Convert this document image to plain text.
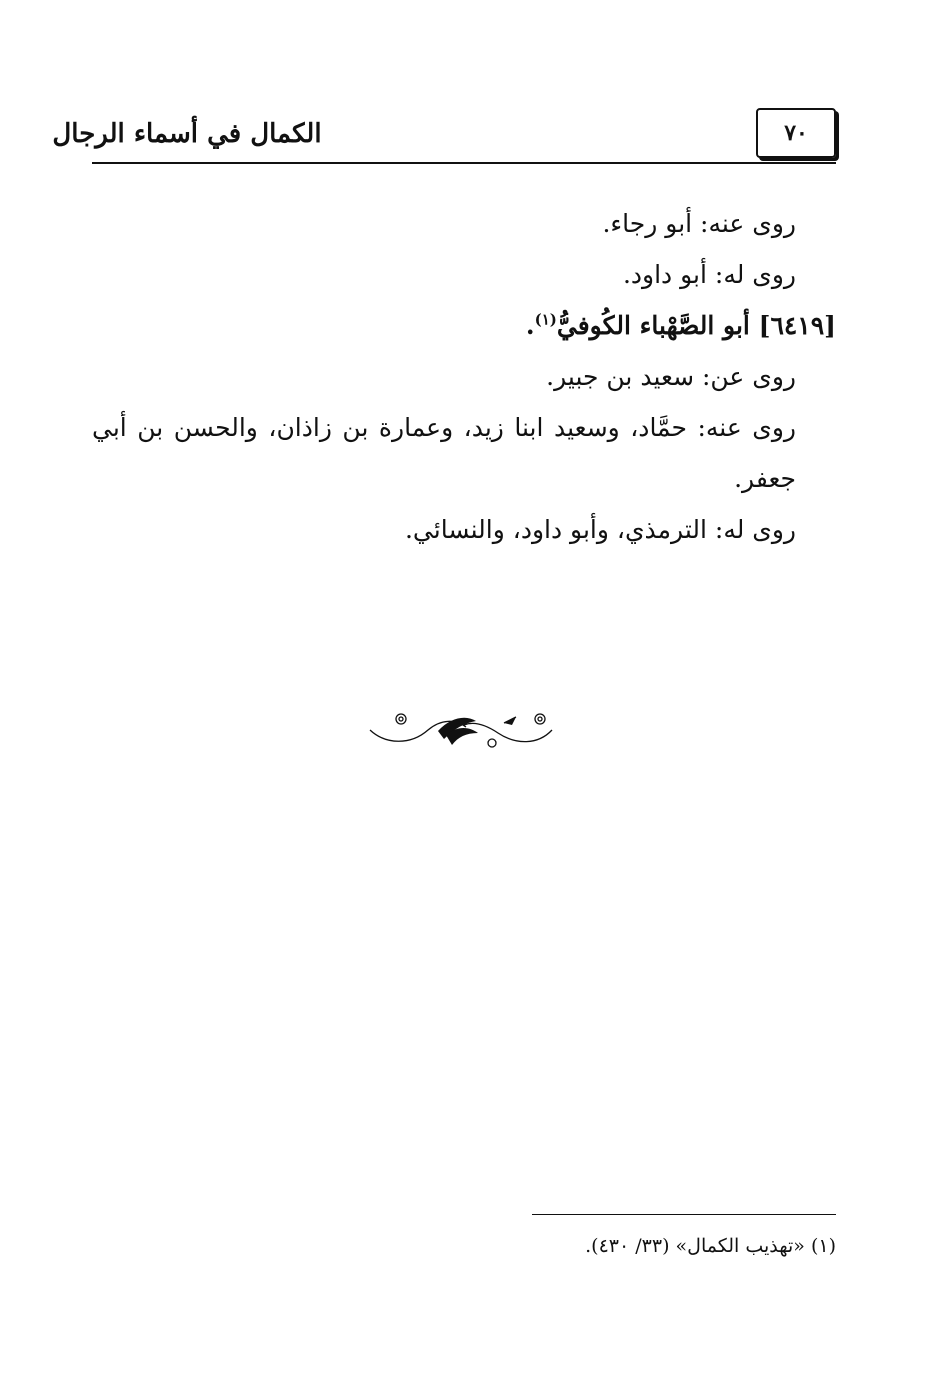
الكمال في أسماء الرجال	٧٠

روى عنه: أبو رجاء.

روى له: أبو داود.

[٦٤١٩] أبو الصَّهْباء الكُوفيُّ$^{(١)}$.

روى عن: سعيد بن جبير.

روى عنه: حمَّاد، وسعيد ابنا زيد، وعمارة بن زاذان، والحسن بن أبي جعفر.

روى له: الترمذي، وأبو داود، والنسائي.

(١) «تهذيب الكمال» (٣٣/ ٤٣٠).
